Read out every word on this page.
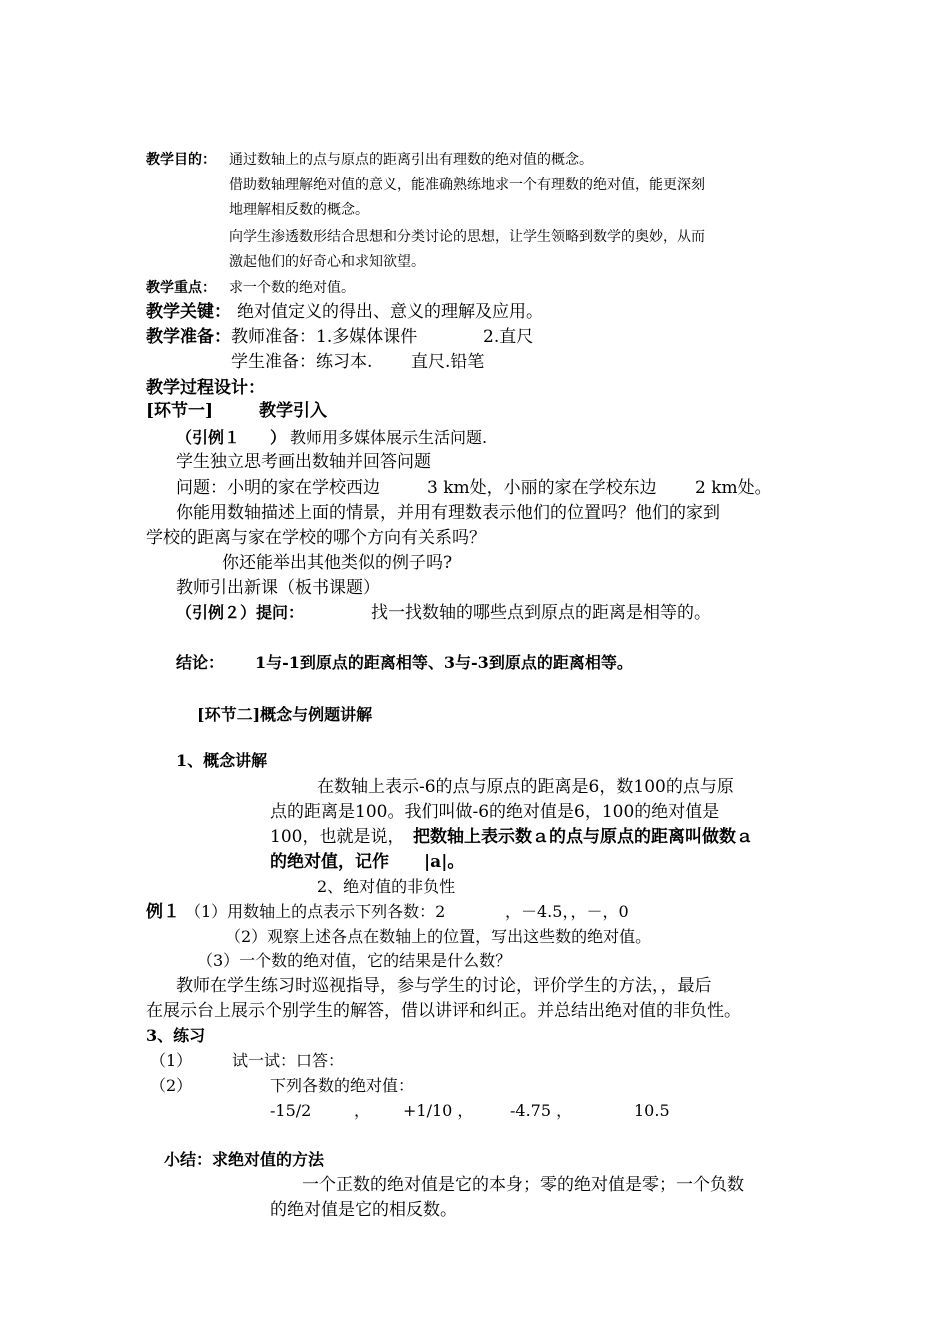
教学目的： 通过数轴上的点与原点的距离引出有理数的绝对值的概念。
借助数轴理解绝对值的意义，能准确熟练地求一个有理数的绝对值，能更深刻
地理解相反数的概念。
向学生渗透数形结合思想和分类讨论的思想，让学生领略到数学的奥妙，从而
激起他们的好奇心和求知欲望。
教学重点： 求一个数的绝对值。
教学关键： 绝对值定义的得出、意义的理解及应用。
教学准备： 教师准备：1.多媒体课件	2.直尺
学生准备：练习本. 直尺.铅笔
教学过程设计：
[环节一]	教学引入
（引例１ ） 教师用多媒体展示生活问题.
学生独立思考画出数轴并回答问题
问题：小明的家在学校西边	3 km处，小丽的家在学校东边 2 km处。
你能用数轴描述上面的情景，并用有理数表示他们的位置吗？他们的家到
学校的距离与家在学校的哪个方向有关系吗？
你还能举出其他类似的例子吗?
教师引出新课（板书课题）
（引例２）提问：	找一找数轴的哪些点到原点的距离是相等的。
结论： 1与-1到原点的距离相等、3与-3到原点的距离相等。
[环节二]概念与例题讲解
1、概念讲解
在数轴上表示-6的点与原点的距离是6，数100的点与原
点的距离是100。我们叫做-6的绝对值是6，100的绝对值是
100，也就是说， 把数轴上表示数ａ的点与原点的距离叫做数ａ
的绝对值，记作 |a|。
2、绝对值的非负性
例１ （1）用数轴上的点表示下列各数：2	，－4.5，，－，0
（2）观察上述各点在数轴上的位置，写出这些数的绝对值。
（3）一个数的绝对值，它的结果是什么数？
教师在学生练习时巡视指导，参与学生的讨论，评价学生的方法，，最后
在展示台上展示个别学生的解答，借以讲评和纠正。并总结出绝对值的非负性。
3、练习
（1） 试一试：口答：
（2）	下列各数的绝对值：
-15/2	， +1/10 ， -4.75 ，	10.5
小结：求绝对值的方法
一个正数的绝对值是它的本身；零的绝对值是零；一个负数
的绝对值是它的相反数。
